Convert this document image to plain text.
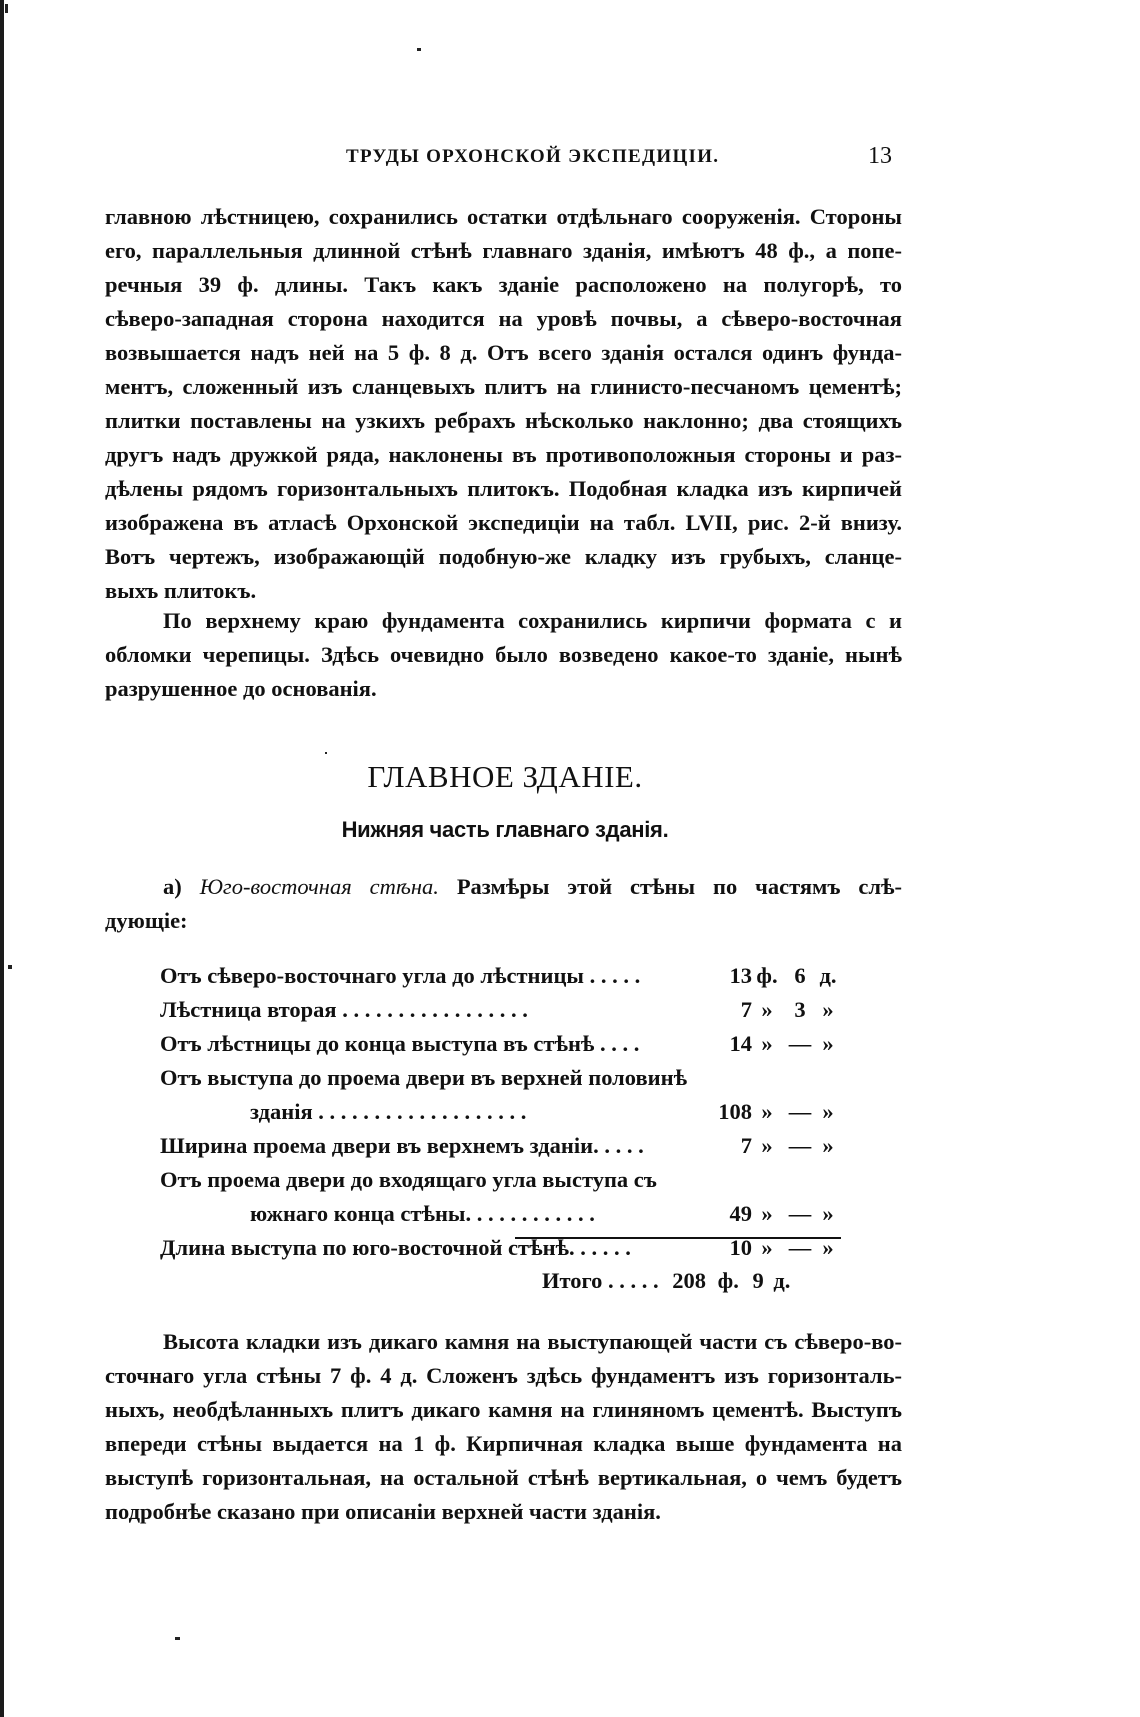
ТРУДЫ ОРХОНСКОЙ ЭКСПЕДИЦІИ.	13
главною лѣстницею, сохранились остатки отдѣльнаго сооруженія. Стороны
его, параллельныя длинной стѣнѣ главнаго зданія, имѣютъ 48 ф., а попе-
речныя 39 ф. длины. Такъ какъ зданіе расположено на полугорѣ, то
сѣверо-западная сторона находится на уровѣ почвы, а сѣверо-восточная
возвышается надъ ней на 5 ф. 8 д. Отъ всего зданія остался одинъ фунда-
ментъ, сложенный изъ сланцевыхъ плитъ на глинисто-песчаномъ цементѣ;
плитки поставлены на узкихъ ребрахъ нѣсколько наклонно; два стоящихъ
другъ надъ дружкой ряда, наклонены въ противоположныя стороны и раз-
дѣлены рядомъ горизонтальныхъ плитокъ. Подобная кладка изъ кирпичей
изображена въ атласѣ Орхонской экспедиціи на табл. LVII, рис. 2-й внизу.
Вотъ чертежъ, изображающій подобную-же кладку изъ грубыхъ, сланце-
выхъ плитокъ.

По верхнему краю фундамента сохранились кирпичи формата c и обломки черепицы. Здѣсь очевидно было возведено какое-то зданіе, нынѣ разрушенное до основанія.

ГЛАВНОЕ ЗДАНІЕ.
Нижняя часть главнаго зданія.
а) Юго-восточная стѣна. Размѣры этой стѣны по частямъ слѣ-
дующіе:
Отъ сѣверо-восточнаго угла до лѣстницы . . . . .	13	ф.	6	д.
Лѣстница вторая . . . . . . . . . . . . . . . . .	7	»	3	»
Отъ лѣстницы до конца выступа въ стѣнѣ . . . .	14	»	—	»
Отъ выступа до проема двери въ верхней половинѣ				
зданія . . . . . . . . . . . . . . . . . . .	108	»	—	»
Ширина проема двери въ верхнемъ зданіи. . . . .	7	»	—	»
Отъ проема двери до входящаго угла выступа съ				
южнаго конца стѣны. . . . . . . . . . . .	49	»	—	»
Длина выступа по юго-восточной стѣнѣ. . . . . .	10	»	—	»
Итого . . . . . 208 ф. 9 д.
Высота кладки изъ дикаго камня на выступающей части съ сѣверо-во-
сточнаго угла стѣны 7 ф. 4 д. Сложенъ здѣсь фундаментъ изъ горизонталь-
ныхъ, необдѣланныхъ плитъ дикаго камня на глиняномъ цементѣ. Выступъ
впереди стѣны выдается на 1 ф. Кирпичная кладка выше фундамента на
выступѣ горизонтальная, на остальной стѣнѣ вертикальная, о чемъ будетъ
подробнѣе сказано при описаніи верхней части зданія.
